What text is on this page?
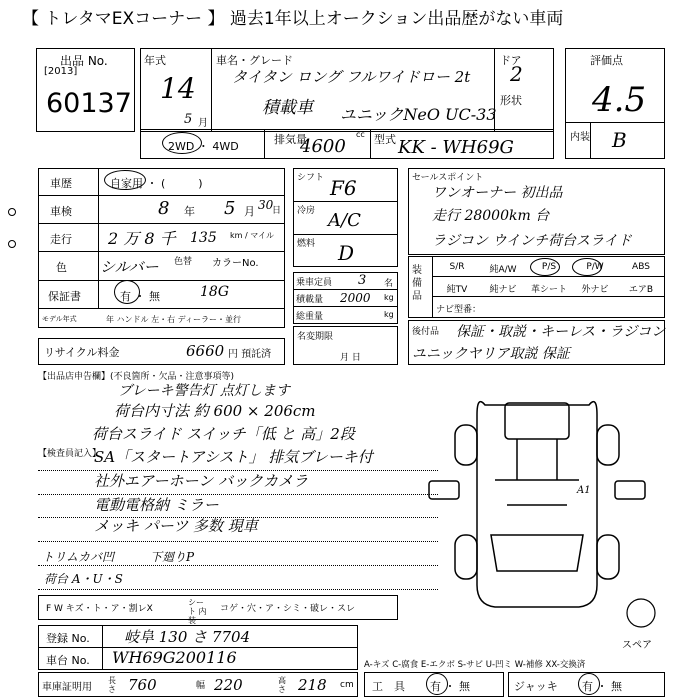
【 トレタマEXコーナー 】 過去1年以上オークション出品歴がない車両
出品 No.
[2013]
60137
年式
14
5 月
車名・グレード
タイタン ロング フルワイドロー 2t
積載車 ユニックNeO UC-33
ドア
2
形状
2WD ・ 4WD
排気量
4600
cc 型式 KK - WH69G
評価点
4.5
内装 B
車歴	自家用 ・ (　　　)
車検	8 年 5 月 30
日
走行 2 万 8 千 135 km / マイル
色 シルバー 色替 カラーNo.
保証書	有 ・ 無	18G
モデル年式	年 ハンドル 左・右 ディーラー・並行
リサイクル料金	6660 円 預託済
シフト F6
冷房 A/C
燃料 D
乗車定員 3 名
積載量 2000 kg
総重量	kg
名変期限
月 日
セールスポイント
ワンオーナー 初出品
走行 28000km 台
ラジコン ウインチ荷台スライド
装備品
S/R	純A/W	P/S	P/W	ABS
純TV	純ナビ	革シート	外ナビ	エアB
ナビ型番：
後付品 保証・取説・キーレス・ラジコン
ユニックヤリア取説 保証
【出品店申告欄】(不良箇所・欠品・注意事項等)
ブレーキ警告灯 点灯します
荷台内寸法 約 600 × 206cm
【検査員記入】
荷台スライド スイッチ「低 と 高」2段
SA「スタートアシスト」 排気ブレーキ付
社外エアーホーン バックカメラ
電動電格納 ミラー
メッキ パーツ 多数 現車
トリムカバ凹	下廻りP
荷台 A・U・S
F W キズ・ト・ア・割レX
シート 内装
コゲ・穴・ア・シミ・破レ・スレ
A1
スペア
登録 No. 岐阜 130 さ 7704
車台 No. WH69G200116	A-キズ C-腐食 E-エクボ S-サビ U-凹ミ W-補修 XX-交換済
車庫証明用
長さ 760	幅 220	高さ 218 cm 工　具 有 ・ 無	ジャッキ 有 ・ 無
